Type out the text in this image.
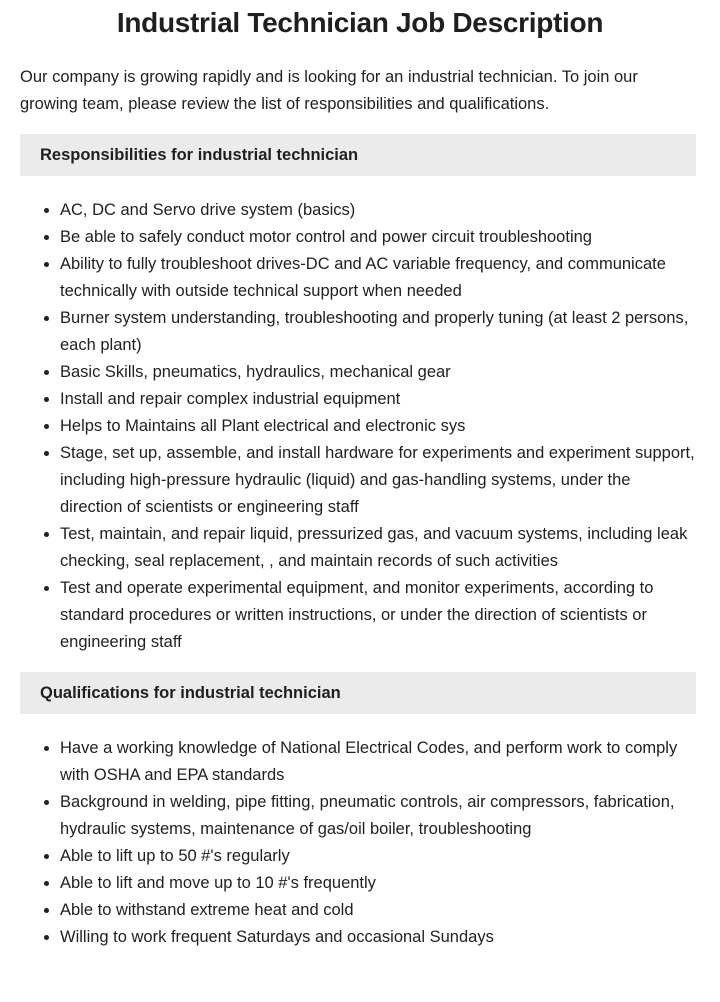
Industrial Technician Job Description

Our company is growing rapidly and is looking for an industrial technician. To join our growing team, please review the list of responsibilities and qualifications.

Responsibilities for industrial technician
• AC, DC and Servo drive system (basics)
• Be able to safely conduct motor control and power circuit troubleshooting
• Ability to fully troubleshoot drives-DC and AC variable frequency, and communicate technically with outside technical support when needed
• Burner system understanding, troubleshooting and properly tuning (at least 2 persons, each plant)
• Basic Skills, pneumatics, hydraulics, mechanical gear
• Install and repair complex industrial equipment
• Helps to Maintains all Plant electrical and electronic sys
• Stage, set up, assemble, and install hardware for experiments and experiment support, including high-pressure hydraulic (liquid) and gas-handling systems, under the direction of scientists or engineering staff
• Test, maintain, and repair liquid, pressurized gas, and vacuum systems, including leak checking, seal replacement, , and maintain records of such activities
• Test and operate experimental equipment, and monitor experiments, according to standard procedures or written instructions, or under the direction of scientists or engineering staff
Qualifications for industrial technician
• Have a working knowledge of National Electrical Codes, and perform work to comply with OSHA and EPA standards
• Background in welding, pipe fitting, pneumatic controls, air compressors, fabrication, hydraulic systems, maintenance of gas/oil boiler, troubleshooting
• Able to lift up to 50 #'s regularly
• Able to lift and move up to 10 #'s frequently
• Able to withstand extreme heat and cold
• Willing to work frequent Saturdays and occasional Sundays
